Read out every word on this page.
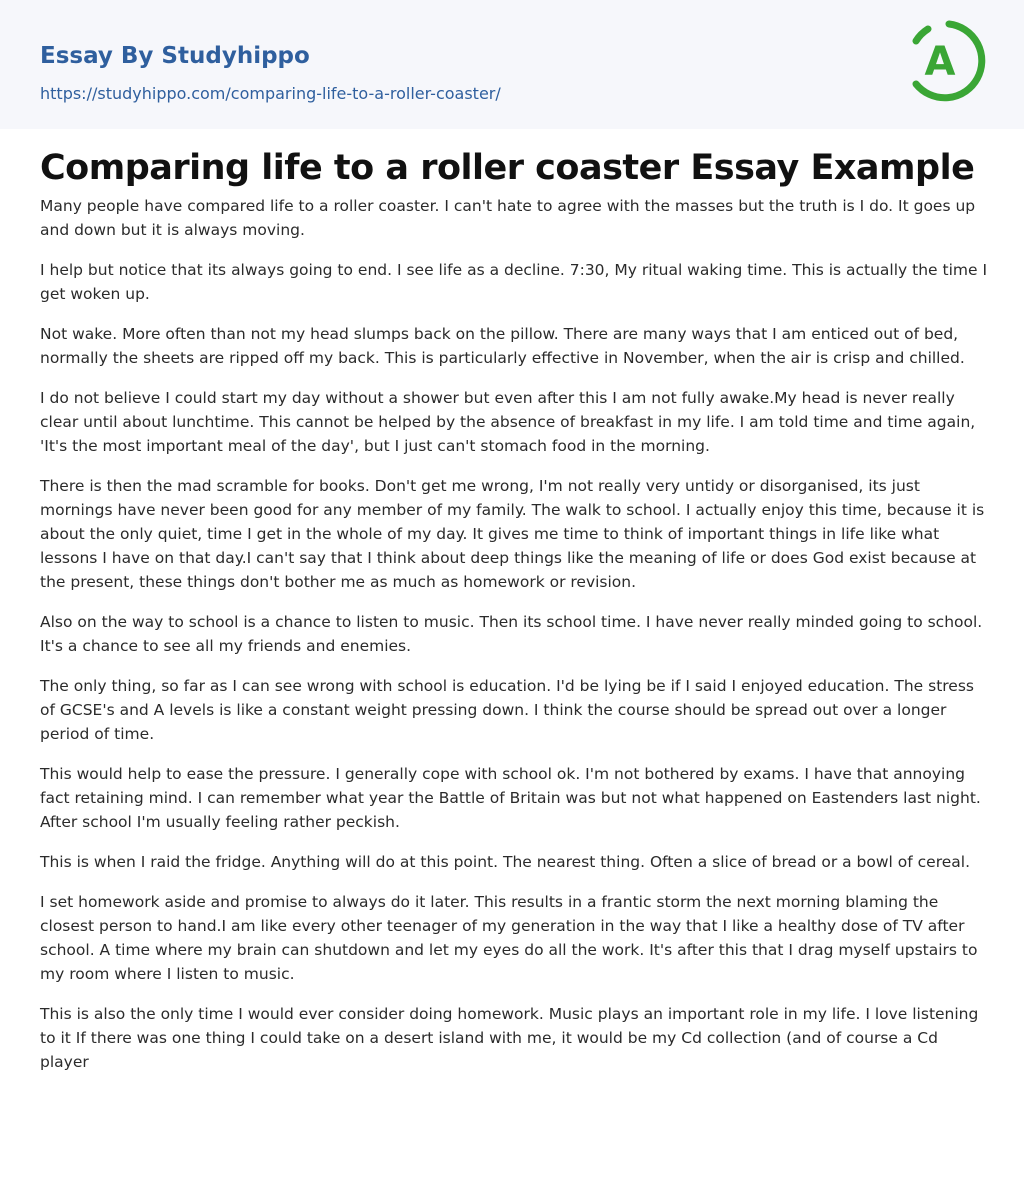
Essay By Studyhippo
https://studyhippo.com/comparing-life-to-a-roller-coaster/
A
Comparing life to a roller coaster Essay Example

Many people have compared life to a roller coaster. I can't hate to agree with the masses but the truth is I do. It goes up and down but it is always moving.

I help but notice that its always going to end. I see life as a decline. 7:30, My ritual waking time. This is actually the time I get woken up.

Not wake. More often than not my head slumps back on the pillow. There are many ways that I am enticed out of bed, normally the sheets are ripped off my back. This is particularly effective in November, when the air is crisp and chilled.

I do not believe I could start my day without a shower but even after this I am not fully awake.My head is never really clear until about lunchtime. This cannot be helped by the absence of breakfast in my life. I am told time and time again, 'It's the most important meal of the day', but I just can't stomach food in the morning.

There is then the mad scramble for books. Don't get me wrong, I'm not really very untidy or disorganised, its just mornings have never been good for any member of my family. The walk to school. I actually enjoy this time, because it is about the only quiet, time I get in the whole of my day. It gives me time to think of important things in life like what lessons I have on that day.I can't say that I think about deep things like the meaning of life or does God exist because at the present, these things don't bother me as much as homework or revision.

Also on the way to school is a chance to listen to music. Then its school time. I have never really minded going to school. It's a chance to see all my friends and enemies.

The only thing, so far as I can see wrong with school is education. I'd be lying be if I said I enjoyed education. The stress of GCSE's and A levels is like a constant weight pressing down. I think the course should be spread out over a longer period of time.

This would help to ease the pressure. I generally cope with school ok. I'm not bothered by exams. I have that annoying fact retaining mind. I can remember what year the Battle of Britain was but not what happened on Eastenders last night. After school I'm usually feeling rather peckish.

This is when I raid the fridge. Anything will do at this point. The nearest thing. Often a slice of bread or a bowl of cereal.

I set homework aside and promise to always do it later. This results in a frantic storm the next morning blaming the closest person to hand.I am like every other teenager of my generation in the way that I like a healthy dose of TV after school. A time where my brain can shutdown and let my eyes do all the work. It's after this that I drag myself upstairs to my room where I listen to music.

This is also the only time I would ever consider doing homework. Music plays an important role in my life. I love listening to it If there was one thing I could take on a desert island with me, it would be my Cd collection (and of course a Cd player
